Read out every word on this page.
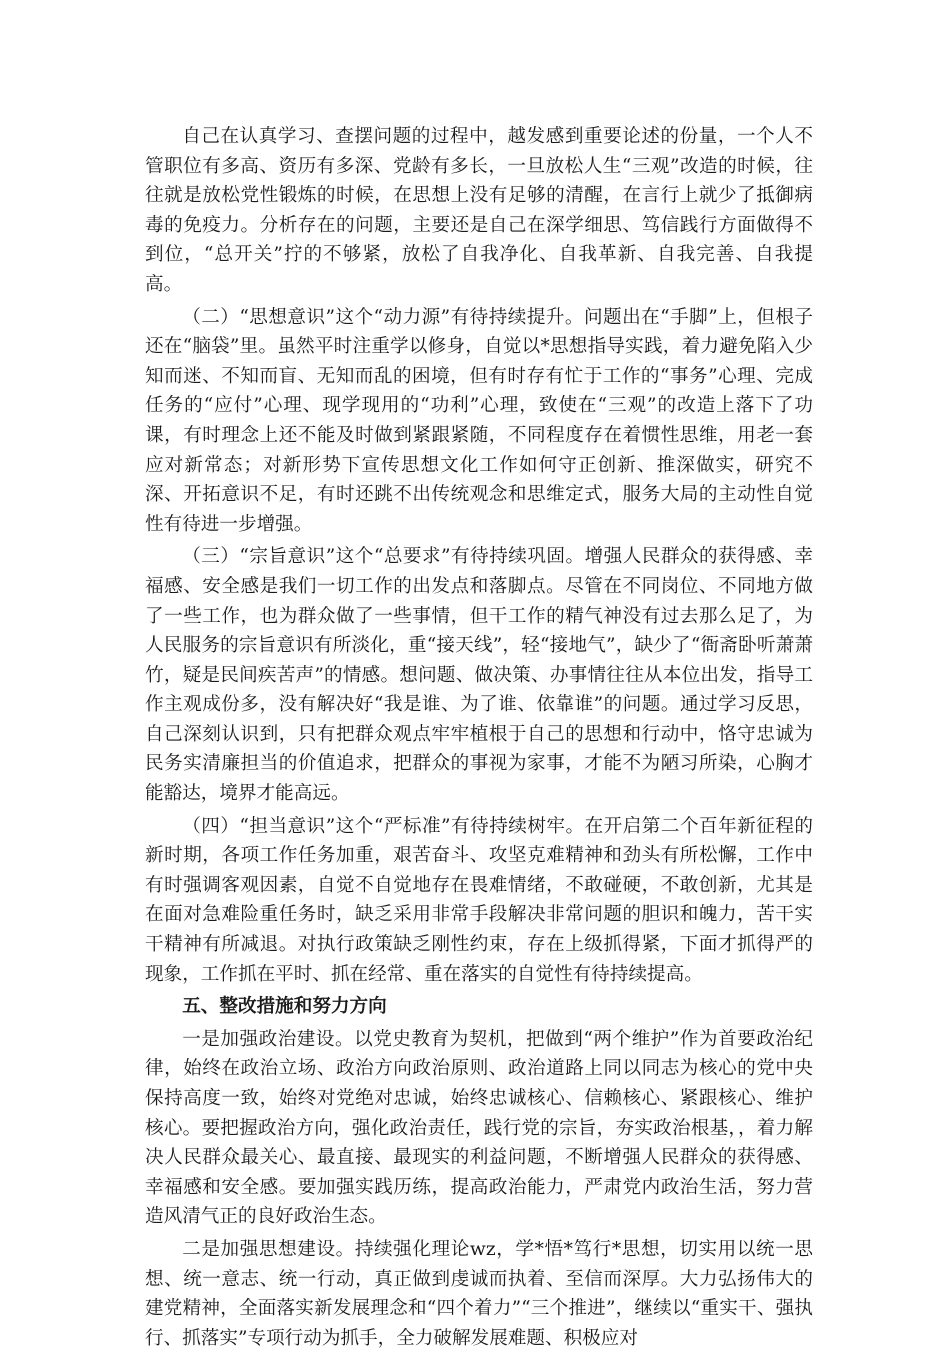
自己在认真学习、查摆问题的过程中，越发感到重要论述的份量，一个人不管职位有多高、资历有多深、党龄有多长，一旦放松人生“三观”改造的时候，往往就是放松党性锻炼的时候，在思想上没有足够的清醒，在言行上就少了抵御病毒的免疫力。分析存在的问题，主要还是自己在深学细思、笃信践行方面做得不到位，“总开关”拧的不够紧，放松了自我净化、自我革新、自我完善、自我提高。

（二）“思想意识”这个“动力源”有待持续提升。问题出在“手脚”上，但根子还在“脑袋”里。虽然平时注重学以修身，自觉以*思想指导实践，着力避免陷入少知而迷、不知而盲、无知而乱的困境，但有时存有忙于工作的“事务”心理、完成任务的“应付”心理、现学现用的“功利”心理，致使在“三观”的改造上落下了功课，有时理念上还不能及时做到紧跟紧随，不同程度存在着惯性思维，用老一套应对新常态；对新形势下宣传思想文化工作如何守正创新、推深做实，研究不深、开拓意识不足，有时还跳不出传统观念和思维定式，服务大局的主动性自觉性有待进一步增强。

（三）“宗旨意识”这个“总要求”有待持续巩固。增强人民群众的获得感、幸福感、安全感是我们一切工作的出发点和落脚点。尽管在不同岗位、不同地方做了一些工作，也为群众做了一些事情，但干工作的精气神没有过去那么足了，为人民服务的宗旨意识有所淡化，重“接天线”，轻“接地气”，缺少了“衙斋卧听萧萧竹，疑是民间疾苦声”的情感。想问题、做决策、办事情往往从本位出发，指导工作主观成份多，没有解决好“我是谁、为了谁、依靠谁”的问题。通过学习反思，自己深刻认识到，只有把群众观点牢牢植根于自己的思想和行动中，恪守忠诚为民务实清廉担当的价值追求，把群众的事视为家事，才能不为陋习所染，心胸才能豁达，境界才能高远。

（四）“担当意识”这个“严标准”有待持续树牢。在开启第二个百年新征程的新时期，各项工作任务加重，艰苦奋斗、攻坚克难精神和劲头有所松懈，工作中有时强调客观因素，自觉不自觉地存在畏难情绪，不敢碰硬，不敢创新，尤其是在面对急难险重任务时，缺乏采用非常手段解决非常问题的胆识和魄力，苦干实干精神有所减退。对执行政策缺乏刚性约束，存在上级抓得紧，下面才抓得严的现象，工作抓在平时、抓在经常、重在落实的自觉性有待持续提高。

五、整改措施和努力方向

一是加强政治建设。以党史教育为契机，把做到“两个维护”作为首要政治纪律，始终在政治立场、政治方向政治原则、政治道路上同以同志为核心的党中央保持高度一致，始终对党绝对忠诚，始终忠诚核心、信赖核心、紧跟核心、维护核心。要把握政治方向，强化政治责任，践行党的宗旨，夯实政治根基，，着力解决人民群众最关心、最直接、最现实的利益问题，不断增强人民群众的获得感、幸福感和安全感。要加强实践历练，提高政治能力，严肃党内政治生活，努力营造风清气正的良好政治生态。

二是加强思想建设。持续强化理论wz，学*悟*笃行*思想，切实用以统一思想、统一意志、统一行动，真正做到虔诚而执着、至信而深厚。大力弘扬伟大的建党精神，全面落实新发展理念和“四个着力”“三个推进”，继续以“重实干、强执行、抓落实”专项行动为抓手，全力破解发展难题、积极应对
